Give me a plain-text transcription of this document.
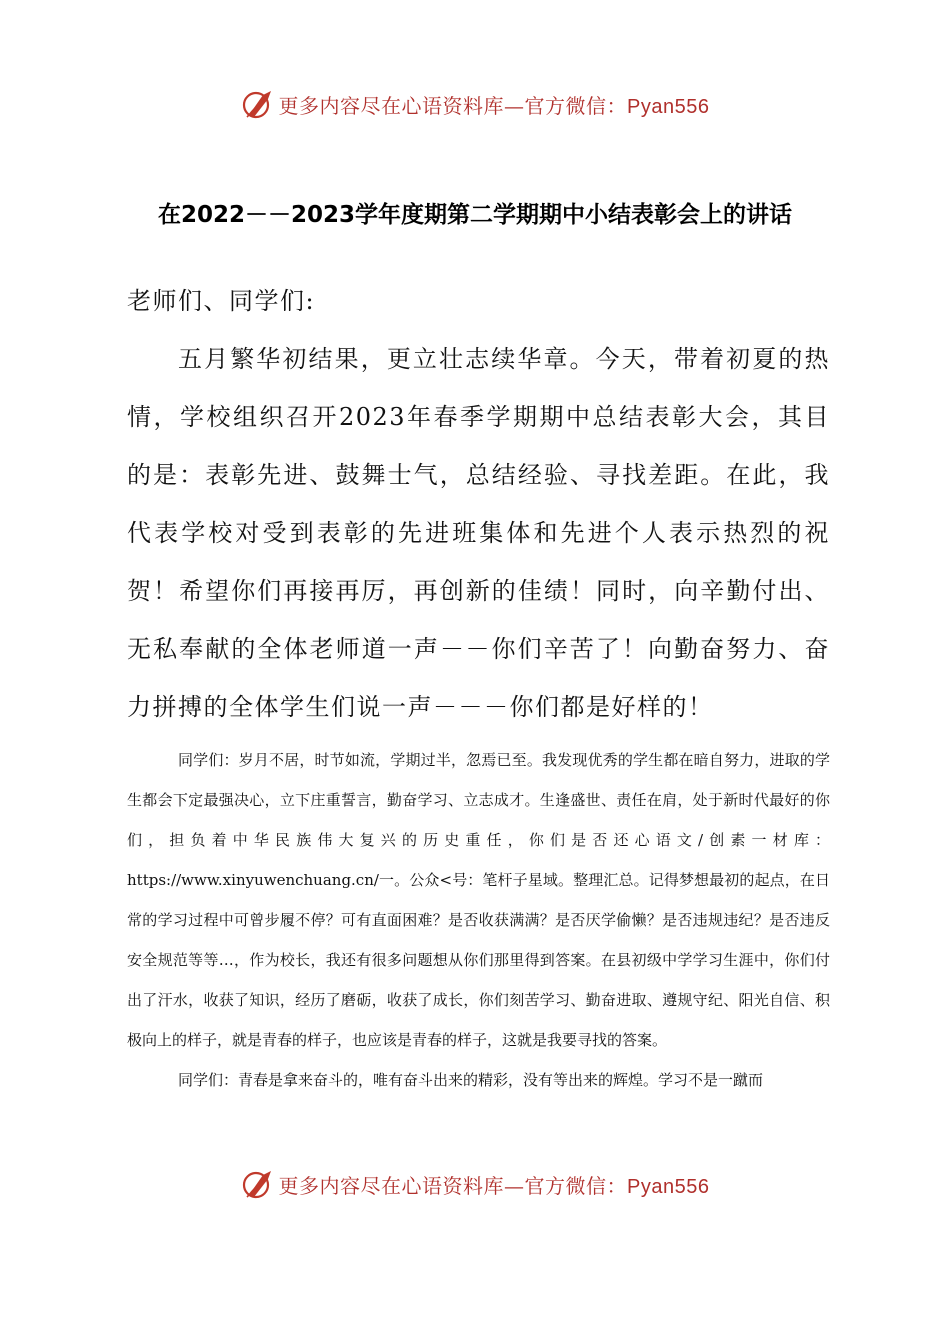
更多内容尽在心语资料库—官方微信：Pyan556
在2022－－2023学年度期第二学期期中小结表彰会上的讲话

老师们、同学们:

五月繁华初结果，更立壮志续华章。今天，带着初夏的热情，学校组织召开2023年春季学期期中总结表彰大会，其目的是：表彰先进、鼓舞士气，总结经验、寻找差距。在此，我代表学校对受到表彰的先进班集体和先进个人表示热烈的祝贺！希望你们再接再厉，再创新的佳绩！同时，向辛勤付出、无私奉献的全体老师道一声－－你们辛苦了！向勤奋努力、奋力拼搏的全体学生们说一声－－－你们都是好样的！

同学们：岁月不居，时节如流，学期过半，忽焉已至。我发现优秀的学生都在暗自努力，进取的学生都会下定最强决心，立下庄重誓言，勤奋学习、立志成才。生逢盛世、责任在肩，处于新时代最好的你们，担负着中华民族伟大复兴的历史重任，你们是否还心语文/创素一材库：https://www.xinyuwenchuang.cn/一。公众<号：笔杆子星域。整理汇总。记得梦想最初的起点，在日常的学习过程中可曾步履不停？可有直面困难？是否收获满满？是否厌学偷懒？是否违规违纪？是否违反安全规范等等…，作为校长，我还有很多问题想从你们那里得到答案。在县初级中学学习生涯中，你们付出了汗水，收获了知识，经历了磨砺，收获了成长，你们刻苦学习、勤奋进取、遵规守纪、阳光自信、积极向上的样子，就是青春的样子，也应该是青春的样子，这就是我要寻找的答案。

同学们：青春是拿来奋斗的，唯有奋斗出来的精彩，没有等出来的辉煌。学习不是一蹴而

更多内容尽在心语资料库—官方微信：Pyan556
